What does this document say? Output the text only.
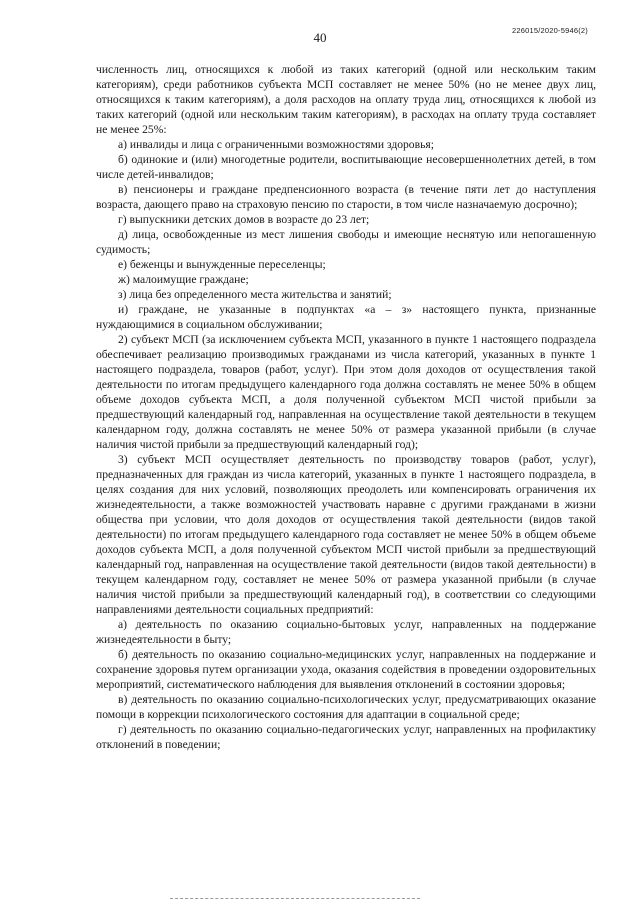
40	226015/2020-5946(2)

численность лиц, относящихся к любой из таких категорий (одной или нескольким таким категориям), среди работников субъекта МСП составляет не менее 50% (но не менее двух лиц, относящихся к таким категориям), а доля расходов на оплату труда лиц, относящихся к любой из таких категорий (одной или нескольким таким категориям), в расходах на оплату труда составляет не менее 25%:

а) инвалиды и лица с ограниченными возможностями здоровья;

б) одинокие и (или) многодетные родители, воспитывающие несовершеннолетних детей, в том числе детей-инвалидов;

в) пенсионеры и граждане предпенсионного возраста (в течение пяти лет до наступления возраста, дающего право на страховую пенсию по старости, в том числе назначаемую досрочно);

г) выпускники детских домов в возрасте до 23 лет;

д) лица, освобожденные из мест лишения свободы и имеющие неснятую или непогашенную судимость;

е) беженцы и вынужденные переселенцы;

ж) малоимущие граждане;

з) лица без определенного места жительства и занятий;

и) граждане, не указанные в подпунктах «а – з» настоящего пункта, признанные нуждающимися в социальном обслуживании;

2) субъект МСП (за исключением субъекта МСП, указанного в пункте 1 настоящего подраздела обеспечивает реализацию производимых гражданами из числа категорий, указанных в пункте 1 настоящего подраздела, товаров (работ, услуг). При этом доля доходов от осуществления такой деятельности по итогам предыдущего календарного года должна составлять не менее 50% в общем объеме доходов субъекта МСП, а доля полученной субъектом МСП чистой прибыли за предшествующий календарный год, направленная на осуществление такой деятельности в текущем календарном году, должна составлять не менее 50% от размера указанной прибыли (в случае наличия чистой прибыли за предшествующий календарный год);

3) субъект МСП осуществляет деятельность по производству товаров (работ, услуг), предназначенных для граждан из числа категорий, указанных в пункте 1 настоящего подраздела, в целях создания для них условий, позволяющих преодолеть или компенсировать ограничения их жизнедеятельности, а также возможностей участвовать наравне с другими гражданами в жизни общества при условии, что доля доходов от осуществления такой деятельности (видов такой деятельности) по итогам предыдущего календарного года составляет не менее 50% в общем объеме доходов субъекта МСП, а доля полученной субъектом МСП чистой прибыли за предшествующий календарный год, направленная на осуществление такой деятельности (видов такой деятельности) в текущем календарном году, составляет не менее 50% от размера указанной прибыли (в случае наличия чистой прибыли за предшествующий календарный год), в соответствии со следующими направлениями деятельности социальных предприятий:

а) деятельность по оказанию социально-бытовых услуг, направленных на поддержание жизнедеятельности в быту;

б) деятельность по оказанию социально-медицинских услуг, направленных на поддержание и сохранение здоровья путем организации ухода, оказания содействия в проведении оздоровительных мероприятий, систематического наблюдения для выявления отклонений в состоянии здоровья;

в) деятельность по оказанию социально-психологических услуг, предусматривающих оказание помощи в коррекции психологического состояния для адаптации в социальной среде;

г) деятельность по оказанию социально-педагогических услуг, направленных на профилактику отклонений в поведении;
